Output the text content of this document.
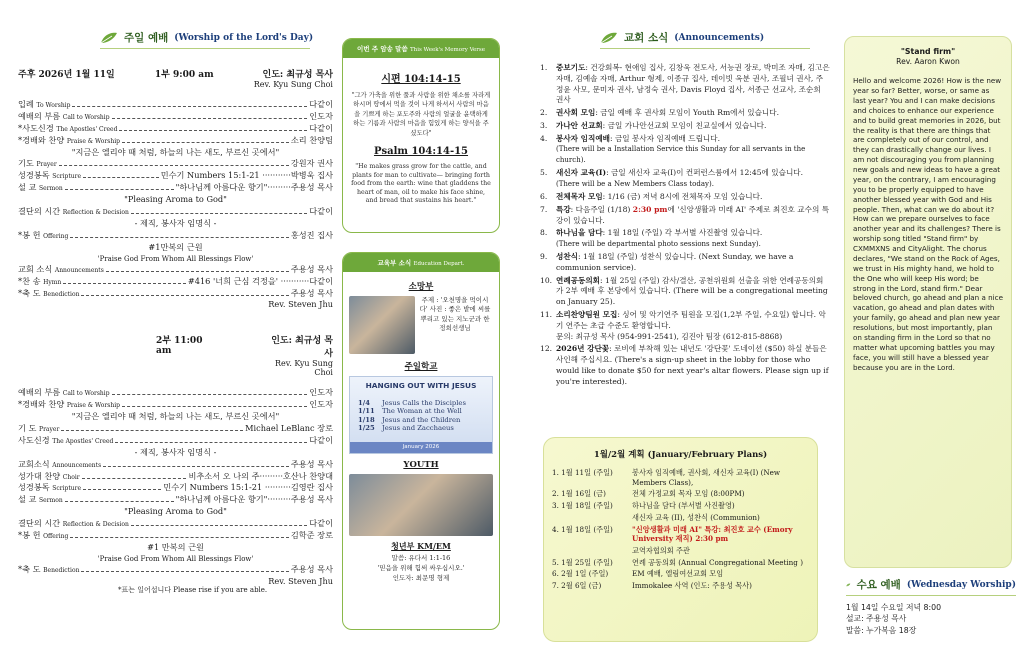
주일 예배 (Worship of the Lord's Day)
주후 2026년 1월 11일	1부 9:00 am	인도: 최규성 목사
Rev. Kyu Sung Choi
입례 To Worship	다같이
예배의 부름 Call to Worship	인도자
*사도신경 The Apostles' Creed	다같이
*경배와 찬양 Praise & Worship	소리 찬양팀
"지금은 엘리야 때 처럼, 하늘의 나는 새도, 부르신 곳에서"
기도 Prayer	강원자 권사
성경봉독 Scripture	민수기 Numbers 15:1-21 ···········박병욱 집사
설 교 Sermon	"하나님께 아름다운 향기"·········주용성 목사
"Pleasing Aroma to God"
결단의 시간 Reflection & Decision	다같이
- 제직, 봉사자 임명식 -
*봉 헌 Offering	홍성진 집사
#1만복의 근원
'Praise God From Whom All Blessings Flow'
교회 소식 Announcements	주용성 목사
*찬 송 Hymn	#416 '너희 근심 걱정을' ···········다같이
*축 도 Benediction	주용성 목사
Rev. Steven Jhu
2부 11:00 am
인도: 최규성 목사
Rev. Kyu Sung Choi
예배의 부름 Call to Worship	인도자
*경배와 찬양 Praise & Worship	인도자
"지금은 엘리야 때 처럼, 하늘의 나는 새도, 부르신 곳에서"
기 도 Prayer	Michael LeBlanc 장로
사도신경 The Apostles' Creed	다같이
- 제직, 봉사자 임명식 -
교회소식 Announcements	주용성 목사
성가대 찬양 Choir	비추소서 오 나의 주·········호산나 찬양대
성경봉독 Scripture	민수기 Numbers 15:1-21 ··········김영란 집사
설 교 Sermon	"하나님께 아름다운 향기"·········주용성 목사
"Pleasing Aroma to God"
결단의 시간 Reflection & Decision	다같이
*봉 헌 Offering	김학준 장로
#1 만복의 근원
'Praise God From Whom All Blessings Flow'
*축 도 Benediction	주용성 목사
Rev. Steven Jhu
*표는 일어섭니다 Please rise if you are able.
이번 주 암송 말씀 This Week's Memory Verse
시편 104:14-15
"그가 가축을 위한 풀과 사람을 위한 채소를 자라게 하시며 땅에서 먹을 것이 나게 하셔서 사람의 마음을 기쁘게 하는 포도주와 사람의 얼굴을 윤택하게 하는 기름과 사람의 마음을 힘있게 하는 양식을 주셨도다"
Psalm 104:14-15
"He makes grass grow for the cattle, and plants for man to cultivate— bringing forth food from the earth: wine that gladdens the heart of man, oil to make his face shine, and bread that sustains his heart."
교육부 소식 Education Depart.
소망부
주제 : '오천명을 먹이시다' 사진 : 좋은 밭에 씨를 뿌리고 있는 지노군과 한정희선생님
주일학교
HANGING OUT WITH JESUS
1/4 Jesus Calls the Disciples
1/11 The Woman at the Well
1/18 Jesus and the Children
1/25 Jesus and Zacchaeus
January 2026
YOUTH
청년부 KM/EM
말씀: 유다서 1:1-16
'믿음을 위해 힘써 싸우십시오.'
인도자: 최문명 형제
교회 소식 (Announcements)
1.	중보기도: 건강회복- 현애임 집사, 김창욱 전도사, 서능권 장로, 박미조 자매, 김고은 자매, 김예솔 자매, Arthur 형제, 이종규 집사, 데이빗 옥분 권사, 조필녀 권사, 주정윤 사모, 문미자 권사, 남정숙 권사, Davis Floyd 집사, 서종근 선교사, 조순희 권사
2.	권사회 모임: 금일 예배 후 권사회 모임이 Youth Rm에서 있습니다.
3.	가나안 선교회: 금일 가나안선교회 모임이 친교실에서 있습니다.
4.	봉사자 임직예배: 금일 봉사자 임직예배 드립니다.
(There will be a Installation Service this Sunday for all servants in the church).
5.	새신자 교육(I): 금일 새신자 교육(I)이 컨퍼런스룸에서 12:45에 있습니다.
(There will be a New Members Class today).
6.	전체목자 모임: 1/16 (금) 저녁 8시에 전체목자 모임 있습니다.
7.	특강: 다음주일 (1/18) 2:30 pm에 '신앙생활과 미래 AI' 주제로 최진호 교수의 특강이 있습니다.
8.	하나님을 담다: 1월 18일 (주일) 각 부서별 사진촬영 있습니다.
(There will be departmental photo sessions next Sunday).
9.	성찬식: 1월 18일 (주일) 성찬식 있습니다. (Next Sunday, we have a communion service).
10. 연례공동의회: 1월 25일 (주일) 감사/결산, 공천위원회 선출을 위한 연례공동의회가 2부 예배 후 본당에서 있습니다. (There will be a congregational meeting on January 25).
11. 소리찬양팀원 모집: 싱어 및 악기연주 팀원을 모집(1,2부 주일, 수요일) 합니다. 악기 연주는 초급 수준도 환영합니다.
문의: 최규성 목사 (954-991-2541), 김진아 팀장 (612-815-8868)
12. 2026년 강단꽃: 로비에 부착해 있는 내년도 '강단꽃' 도네이션 ($50) 하실 분들은 사인해 주십시요. (There's a sign-up sheet in the lobby for those who would like to donate $50 for next year's altar flowers. Please sign up if you're interested).
1월/2월 계획 (January/February Plans)
1. 1월 11일 (주일)	봉사자 임직예배, 권사회, 새신자 교육(I) (New Members Class),
2. 1월 16일 (금)	전체 가정교회 목자 모임 (8:00PM)
3. 1월 18일 (주일)	하나님을 담다 (부서별 사진촬영)
	새신자 교육 (II), 성찬식 (Communion)
4. 1월 18일 (주일)	"신앙생활과 미래 AI" 특강: 최진호 교수 (Emory University 재직) 2:30 pm
	교역자협의회 주관
5. 1월 25일 (주일)	연례 공동의회 (Annual Congregational Meeting )
6. 2월 1일 (주일)	EM 예배, 엘림여선교회 모임
7. 2월 6일 (금)	Immokalee 사역 (인도: 주용성 목사)
"Stand firm"
Rev. Aaron Kwon
Hello and welcome 2026! How is the new year so far? Better, worse, or same as last year? You and I can make decisions and choices to enhance our experience and to build great memories in 2026, but the reality is that there are things that are completely out of our control, and they can drastically change our lives. I am not discouraging you from planning new goals and new ideas to have a great year, on the contrary, I am encouraging you to be properly equipped to have another blessed year with God and His people. Then, what can we do about it? How can we prepare ourselves to face another year and its challenges? There is worship song titled "Stand firm" by CXMMXNS and CityAlight. The chorus declares, "We stand on the Rock of Ages, we trust in His mighty hand, we hold to the One who will keep His word; be strong in the Lord, stand firm." Dear beloved church, go ahead and plan a nice vacation, go ahead and plan dates with your family, go ahead and plan new year resolutions, but most importantly, plan on standing firm in the Lord so that no matter what upcoming battles you may face, you will still have a blessed year because you are in the Lord.
수요 예배 (Wednesday Worship)
1월 14일 수요일 저녁 8:00
설교: 주용성 목사
말씀: 누가복음 18장
